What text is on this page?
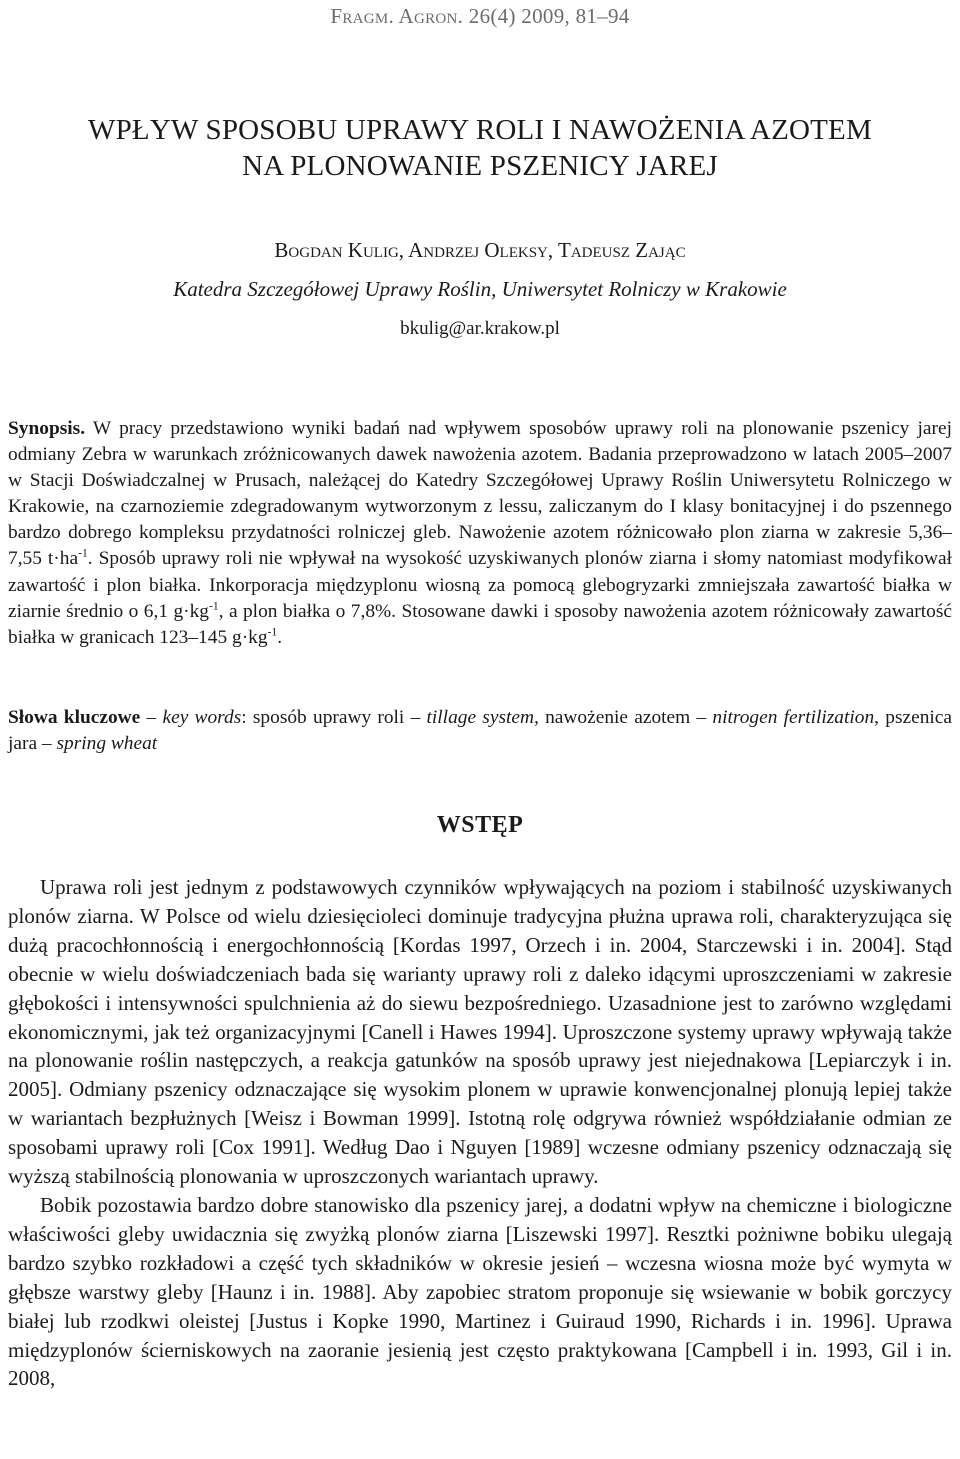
Fragm. Agron. 26(4) 2009, 81–94
WPŁYW SPOSOBU UPRAWY ROLI I NAWOŻENIA AZOTEM
NA PLONOWANIE PSZENICY JAREJ
Bogdan Kulig, Andrzej Oleksy, Tadeusz Zając
Katedra Szczegółowej Uprawy Roślin, Uniwersytet Rolniczy w Krakowie
bkulig@ar.krakow.pl

Synopsis. W pracy przedstawiono wyniki badań nad wpływem sposobów uprawy roli na plonowanie pszenicy jarej odmiany Zebra w warunkach zróżnicowanych dawek nawożenia azotem. Badania przeprowadzono w latach 2005–2007 w Stacji Doświadczalnej w Prusach, należącej do Katedry Szczegółowej Uprawy Roślin Uniwersytetu Rolniczego w Krakowie, na czarnoziemie zdegradowanym wytworzonym z lessu, zaliczanym do I klasy bonitacyjnej i do pszennego bardzo dobrego kompleksu przydatności rolniczej gleb. Nawożenie azotem różnicowało plon ziarna w zakresie 5,36–7,55 $t\cdot ha^{-1}$. Sposób uprawy roli nie wpływał na wysokość uzyskiwanych plonów ziarna i słomy natomiast modyfikował zawartość i plon białka. Inkorporacja międzyplonu wiosną za pomocą glebogryzarki zmniejszała zawartość białka w ziarnie średnio o 6,1 $g\cdot kg^{-1}$, a plon białka o 7,8%. Stosowane dawki i sposoby nawożenia azotem różnicowały zawartość białka w granicach 123–145 $g\cdot kg^{-1}$.

Słowa kluczowe – key words: sposób uprawy roli – tillage system, nawożenie azotem – nitrogen fertilization, pszenica jara – spring wheat

WSTĘP

Uprawa roli jest jednym z podstawowych czynników wpływających na poziom i stabilność uzyskiwanych plonów ziarna. W Polsce od wielu dziesięcioleci dominuje tradycyjna płużna uprawa roli, charakteryzująca się dużą pracochłonnością i energochłonnością [Kordas 1997, Orzech i in. 2004, Starczewski i in. 2004]. Stąd obecnie w wielu doświadczeniach bada się warianty uprawy roli z daleko idącymi uproszczeniami w zakresie głębokości i intensywności spulchnienia aż do siewu bezpośredniego. Uzasadnione jest to zarówno względami ekonomicznymi, jak też organizacyjnymi [Canell i Hawes 1994]. Uproszczone systemy uprawy wpływają także na plonowanie roślin następczych, a reakcja gatunków na sposób uprawy jest niejednakowa [Lepiarczyk i in. 2005]. Odmiany pszenicy odznaczające się wysokim plonem w uprawie konwencjonalnej plonują lepiej także w wariantach bezpłużnych [Weisz i Bowman 1999]. Istotną rolę odgrywa również współdziałanie odmian ze sposobami uprawy roli [Cox 1991]. Według Dao i Nguyen [1989] wczesne odmiany pszenicy odznaczają się wyższą stabilnością plonowania w uproszczonych wariantach uprawy.

Bobik pozostawia bardzo dobre stanowisko dla pszenicy jarej, a dodatni wpływ na chemiczne i biologiczne właściwości gleby uwidacznia się zwyżką plonów ziarna [Liszewski 1997]. Resztki pożniwne bobiku ulegają bardzo szybko rozkładowi a część tych składników w okresie jesień – wczesna wiosna może być wymyta w głębsze warstwy gleby [Haunz i in. 1988]. Aby zapobiec stratom proponuje się wsiewanie w bobik gorczycy białej lub rzodkwi oleistej [Justus i Kopke 1990, Martinez i Guiraud 1990, Richards i in. 1996]. Uprawa międzyplonów ścierniskowych na zaoranie jesienią jest często praktykowana [Campbell i in. 1993, Gil i in. 2008,
